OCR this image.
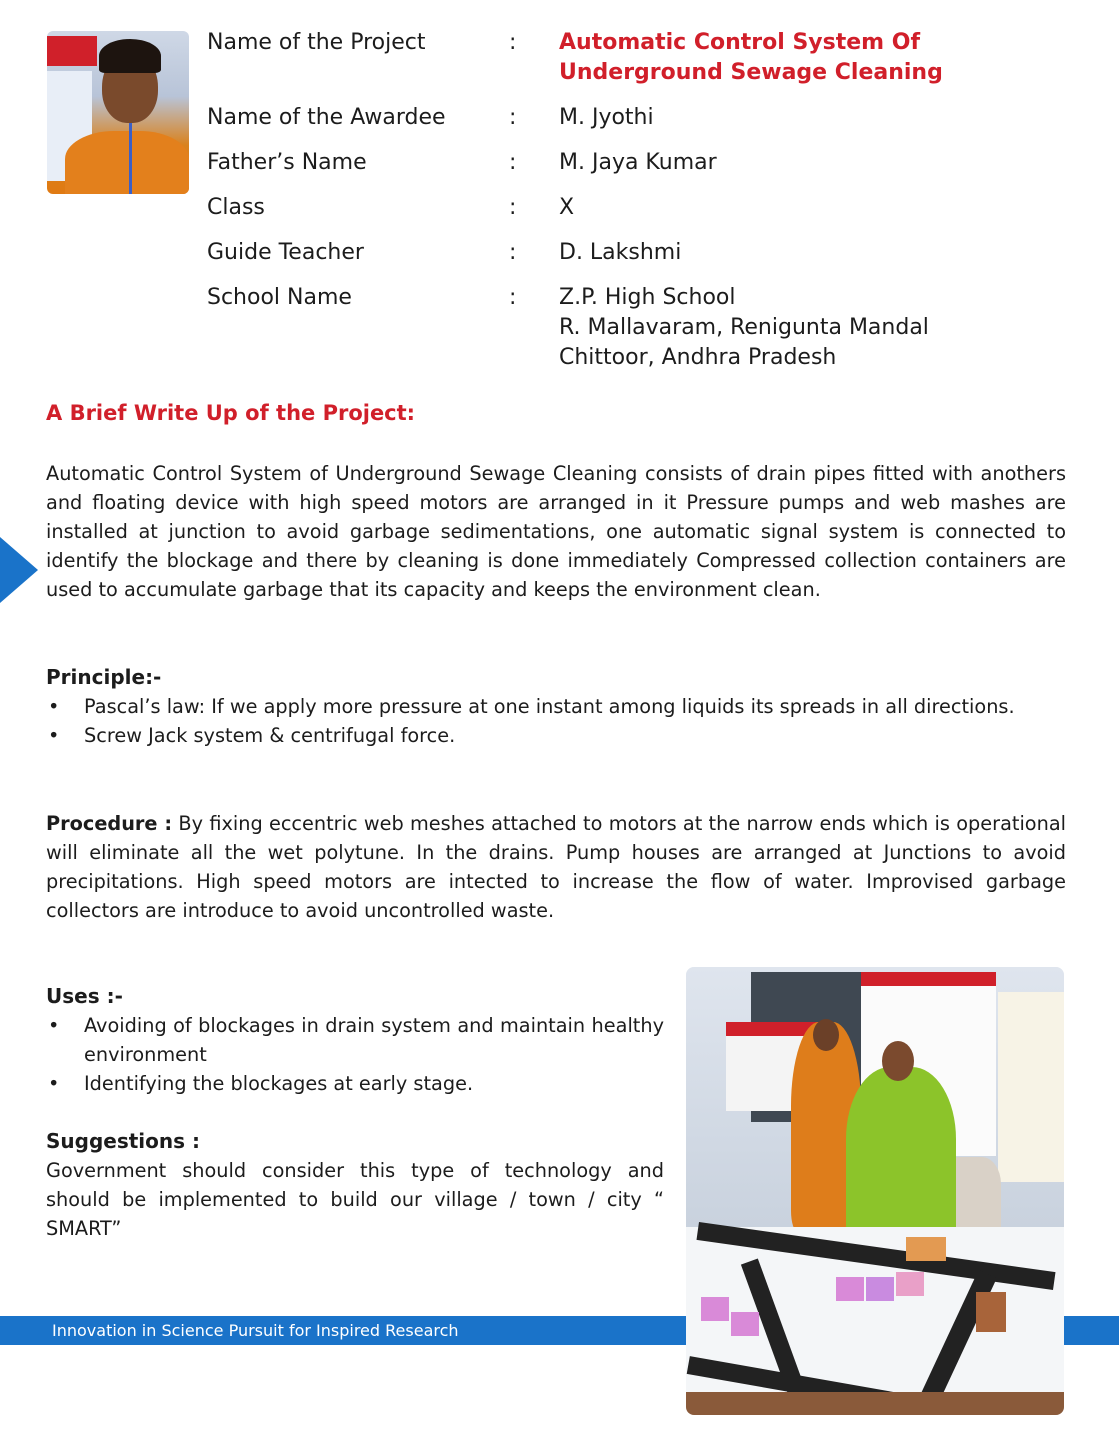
Name of the Project	: Automatic Control System Of
Underground Sewage Cleaning
Name of the Awardee	: M. Jyothi
Father’s Name	: M. Jaya Kumar
Class	: X
Guide Teacher	: D. Lakshmi
School Name	: Z.P. High School
R. Mallavaram, Renigunta Mandal
Chittoor, Andhra Pradesh
A Brief Write Up of the Project:
Automatic Control System of Underground Sewage Cleaning consists of drain pipes fitted with anothers and floating device with high speed motors are arranged in it Pressure pumps and web mashes are installed at junction to avoid garbage sedimentations, one automatic signal system is connected to identify the blockage and there by cleaning is done immediately Compressed collection containers are used to accumulate garbage that its capacity and keeps the environment clean.
Principle:-
• Pascal’s law: If we apply more pressure at one instant among liquids its spreads in all directions.
• Screw Jack system & centrifugal force.
Procedure : By fixing eccentric web meshes attached to motors at the narrow ends which is operational will eliminate all the wet polytune. In the drains. Pump houses are arranged at Junctions to avoid precipitations. High speed motors are intected to increase the flow of water. Improvised garbage collectors are introduce to avoid uncontrolled waste.
Uses :-
• Avoiding of blockages in drain system and maintain healthy environment
• Identifying the blockages at early stage.
Suggestions :
Government should consider this type of technology and should be implemented to build our village / town / city “ SMART”
Innovation in Science Pursuit for Inspired Research
